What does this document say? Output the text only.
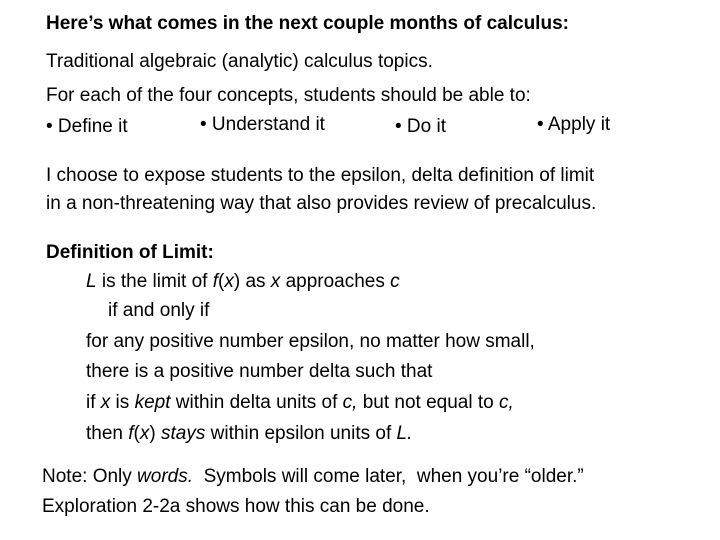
Here’s what comes in the next couple months of calculus:
Traditional algebraic (analytic) calculus topics.
For each of the four concepts, students should be able to:
• Define it	• Understand it	• Do it	• Apply it
I choose to expose students to the epsilon, delta definition of limit
in a non-threatening way that also provides review of precalculus.
Definition of Limit:
L is the limit of f(x) as x approaches c
if and only if
for any positive number epsilon, no matter how small,
there is a positive number delta such that
if x is kept within delta units of c, but not equal to c,
then f(x) stays within epsilon units of L.
Note: Only words.  Symbols will come later,  when you’re “older.”
Exploration 2-2a shows how this can be done.
